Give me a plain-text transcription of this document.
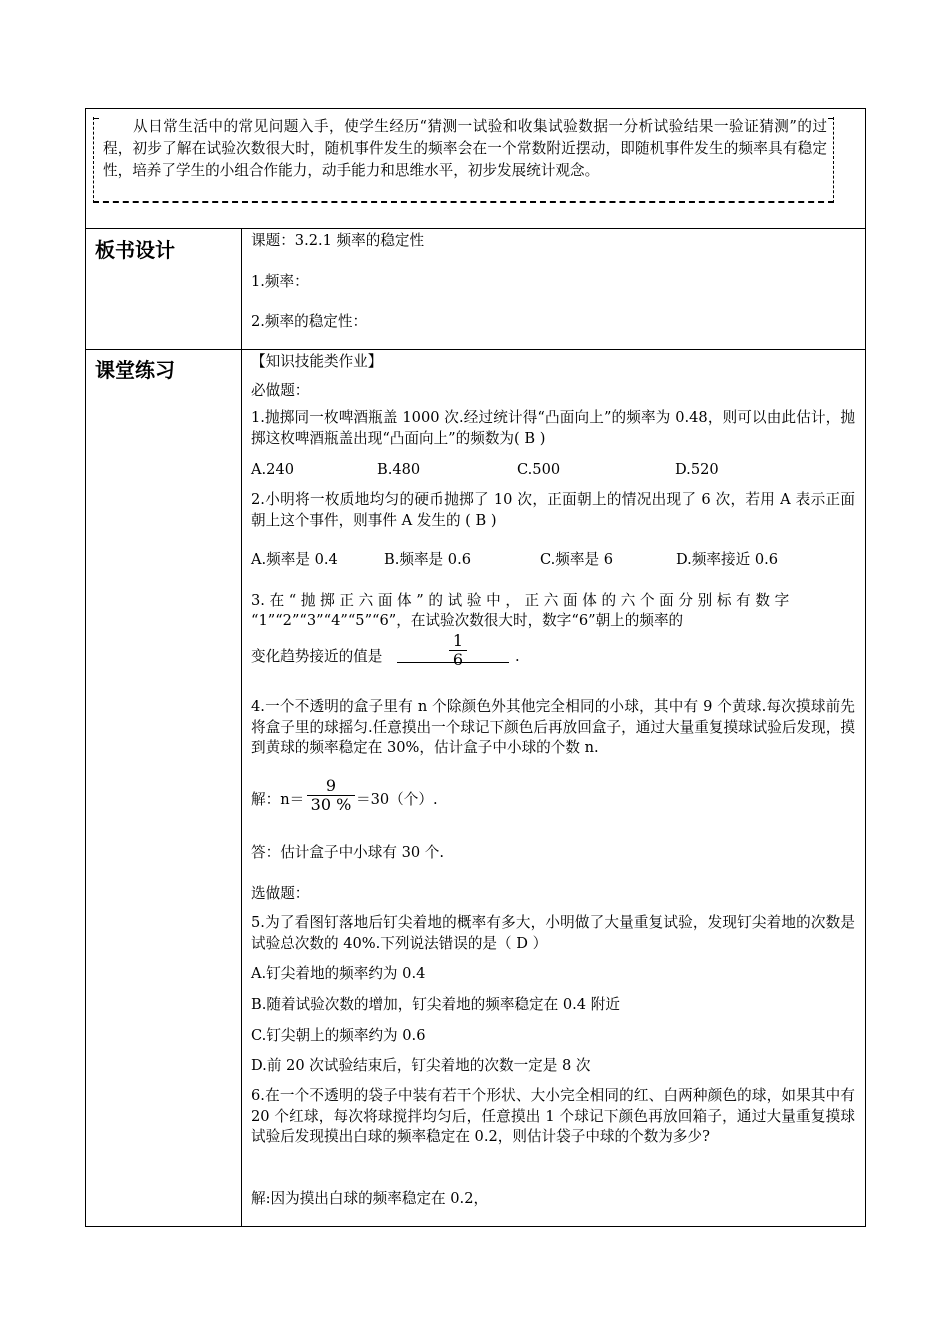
从日常生活中的常见问题入手，使学生经历“猜测一试验和收集试验数据一分析试验结果一验证猜测”的过程，初步了解在试验次数很大时，随机事件发生的频率会在一个常数附近摆动，即随机事件发生的频率具有稳定性，培养了学生的小组合作能力，动手能力和思维水平，初步发展统计观念。
板书设计	课题：3.2.1 频率的稳定性
1.频率：
2.频率的稳定性：
课堂练习	【知识技能类作业】
必做题：
1.抛掷同一枚啤酒瓶盖 1000 次.经过统计得“凸面向上”的频率为 0.48，则可以由此估计，抛掷这枚啤酒瓶盖出现“凸面向上”的频数为( B )
A.240	B.480	C.500	D.520
2.小明将一枚质地均匀的硬币抛掷了 10 次，正面朝上的情况出现了 6 次，若用 A 表示正面朝上这个事件，则事件 A 发生的 ( B )
A.频率是 0.4	B.频率是 0.6	C.频率是 6	D.频率接近 0.6
3. 在 “ 抛 掷 正 六 面 体 ” 的 试 验 中 ， 正 六 面 体 的 六 个 面 分 别 标 有 数 字
“1”“2”“3”“4”“5”“6”，在试验次数很大时，数字“6”朝上的频率的
变化趋势接近的值是	$\frac{1}{6}$	.
4.一个不透明的盒子里有 n 个除颜色外其他完全相同的小球，其中有 9 个黄球.每次摸球前先将盒子里的球摇匀.任意摸出一个球记下颜色后再放回盒子，通过大量重复摸球试验后发现，摸到黄球的频率稳定在 30%，估计盒子中小球的个数 n.
解：$n= \frac{9}{30 \%} =30$（个）.
答：估计盒子中小球有 30 个.
选做题：
5.为了看图钉落地后钉尖着地的概率有多大，小明做了大量重复试验，发现钉尖着地的次数是试验总次数的 40%.下列说法错误的是（ D ）
A.钉尖着地的频率约为 0.4
B.随着试验次数的增加，钉尖着地的频率稳定在 0.4 附近
C.钉尖朝上的频率约为 0.6
D.前 20 次试验结束后，钉尖着地的次数一定是 8 次
6.在一个不透明的袋子中装有若干个形状、大小完全相同的红、白两种颜色的球，如果其中有 20 个红球，每次将球搅拌均匀后，任意摸出 1 个球记下颜色再放回箱子，通过大量重复摸球试验后发现摸出白球的频率稳定在 0.2，则估计袋子中球的个数为多少?
解:因为摸出白球的频率稳定在 0.2，
